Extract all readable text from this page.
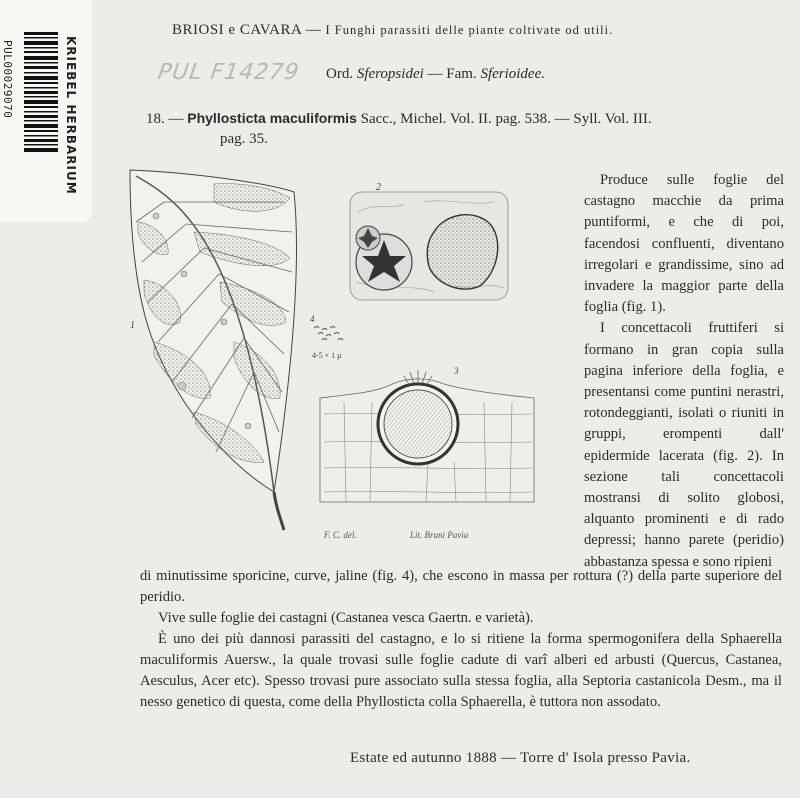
PUL00029070	KRIEBEL HERBARIUM
BRIOSI e CAVARA — I Funghi parassiti delle piante coltivate od utili.
PUL F14279 Ord. Sferopsidei — Fam. Sferioidee.
18. — Phyllosticta maculiformis Sacc., Michel. Vol. II. pag. 538. — Syll. Vol. III.
pag. 35.
1
2
4
4-5 × 1 μ
3
F. C. del.	Lit. Bruni Pavia

Produce sulle foglie del castagno macchie da prima puntiformi, e che di poi, facendosi confluenti, diventano irregolari e grandissime, sino ad invadere la maggior parte della foglia (fig. 1).

I concettacoli fruttiferi si formano in gran copia sulla pagina inferiore della foglia, e presentansi come puntini nerastri, rotondeggianti, isolati o riuniti in gruppi, erompenti dall' epidermide lacerata (fig. 2). In sezione tali concettacoli mostransi di solito globosi, alquanto prominenti e di rado depressi; hanno parete (peridio) abbastanza spessa e sono ripieni

di minutissime sporicine, curve, jaline (fig. 4), che escono in massa per rottura (?) della parte superiore del peridio.

Vive sulle foglie dei castagni (Castanea vesca Gaertn. e varietà).

È uno dei più dannosi parassiti del castagno, e lo si ritiene la forma spermogonifera della Sphaerella maculiformis Auersw., la quale trovasi sulle foglie cadute di varî alberi ed arbusti (Quercus, Castanea, Aesculus, Acer etc). Spesso trovasi pure associato sulla stessa foglia, alla Septoria castanicola Desm., ma il nesso genetico di questa, come della Phyllosticta colla Sphaerella, è tuttora non assodato.

Estate ed autunno 1888 — Torre d' Isola presso Pavia.
